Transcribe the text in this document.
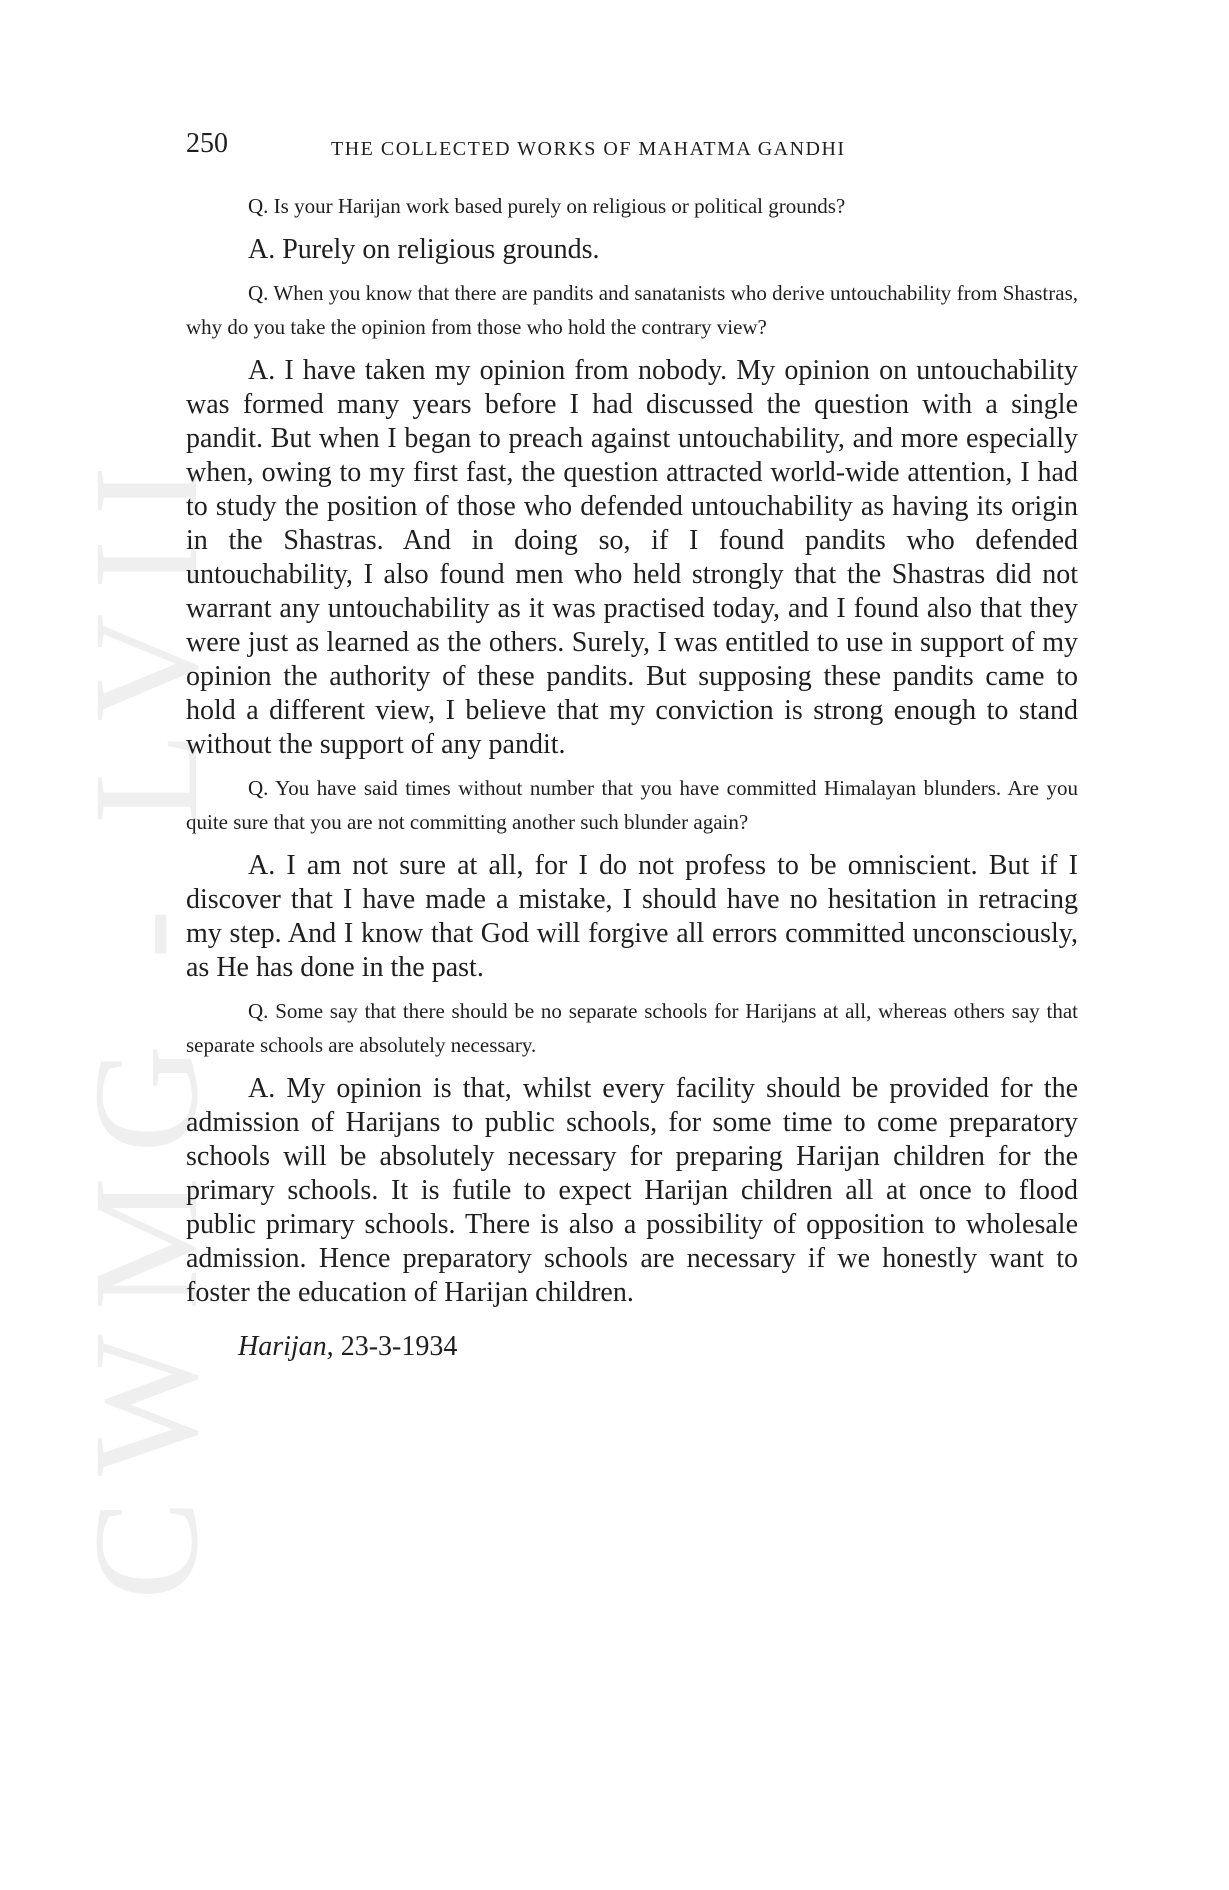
CWMG - LVII
250	THE COLLECTED WORKS OF MAHATMA GANDHI

Q. Is your Harijan work based purely on religious or political grounds?

A. Purely on religious grounds.

Q. When you know that there are pandits and sanatanists who derive untouchability from Shastras, why do you take the opinion from those who hold the contrary view?

A. I have taken my opinion from nobody. My opinion on untouchability was formed many years before I had discussed the question with a single pandit. But when I began to preach against untouchability, and more especially when, owing to my first fast, the question attracted world-wide attention, I had to study the position of those who defended untouchability as having its origin in the Shastras. And in doing so, if I found pandits who defended untouchability, I also found men who held strongly that the Shastras did not warrant any untouchability as it was practised today, and I found also that they were just as learned as the others. Surely, I was entitled to use in support of my opinion the authority of these pandits. But supposing these pandits came to hold a different view, I believe that my conviction is strong enough to stand without the support of any pandit.

Q. You have said times without number that you have committed Himalayan blunders. Are you quite sure that you are not committing another such blunder again?

A. I am not sure at all, for I do not profess to be omniscient. But if I discover that I have made a mistake, I should have no hesitation in retracing my step. And I know that God will forgive all errors committed unconsciously, as He has done in the past.

Q. Some say that there should be no separate schools for Harijans at all, whereas others say that separate schools are absolutely necessary.

A. My opinion is that, whilst every facility should be provided for the admission of Harijans to public schools, for some time to come preparatory schools will be absolutely necessary for preparing Harijan children for the primary schools. It is futile to expect Harijan children all at once to flood public primary schools. There is also a possibility of opposition to wholesale admission. Hence preparatory schools are necessary if we honestly want to foster the education of Harijan children.

Harijan, 23-3-1934
